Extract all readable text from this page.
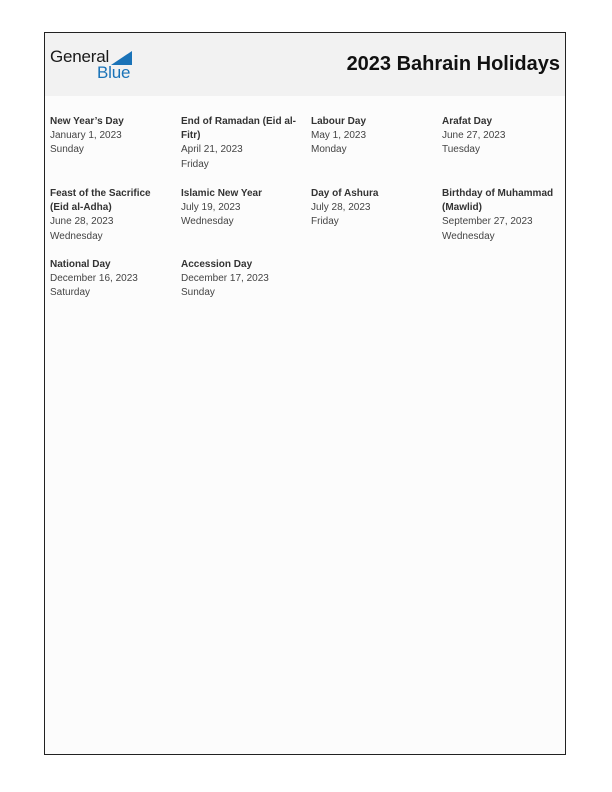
General
Blue	2023 Bahrain Holidays
New Year’s Day
January 1, 2023
Sunday
End of Ramadan (Eid al-Fitr)
April 21, 2023
Friday
Labour Day
May 1, 2023
Monday
Arafat Day
June 27, 2023
Tuesday
Feast of the Sacrifice (Eid al-Adha)
June 28, 2023
Wednesday
Islamic New Year
July 19, 2023
Wednesday
Day of Ashura
July 28, 2023
Friday
Birthday of Muhammad (Mawlid)
September 27, 2023
Wednesday
National Day
December 16, 2023
Saturday
Accession Day
December 17, 2023
Sunday
